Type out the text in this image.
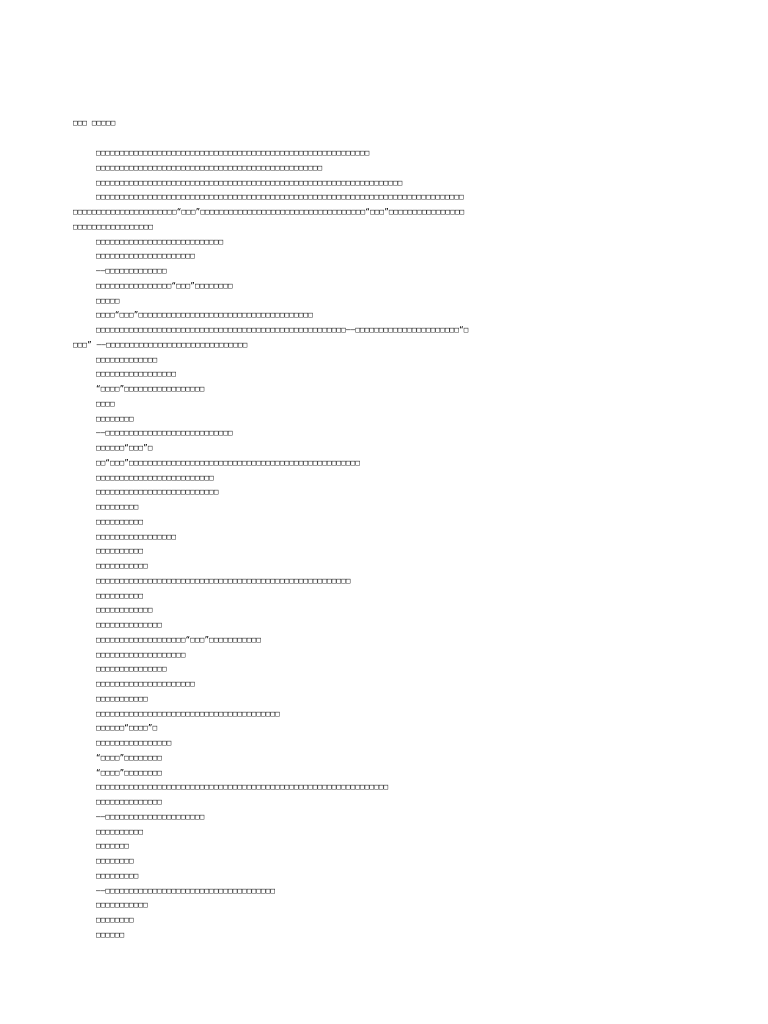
□□□ □□□□□
□□□□□□□□□□□□□□□□□□□□□□□□□□□□□□□□□□□□□□□□□□□□□□□□□□□□□□□□□□
□□□□□□□□□□□□□□□□□□□□□□□□□□□□□□□□□□□□□□□□□□□□□□□□
□□□□□□□□□□□□□□□□□□□□□□□□□□□□□□□□□□□□□□□□□□□□□□□□□□□□□□□□□□□□□□□□□
□□□□□□□□□□□□□□□□□□□□□□□□□□□□□□□□□□□□□□□□□□□□□□□□□□□□□□□□□□□□□□□□□□□□□□□□□□□□□□
□□□□□□□□□□□□□□□□□□□□□□“□□□”□□□□□□□□□□□□□□□□□□□□□□□□□□□□□□□□□□□“□□□”□□□□□□□□□□□□□□□□
□□□□□□□□□□□□□□□□□
□□□□□□□□□□□□□□□□□□□□□□□□□□□
□□□□□□□□□□□□□□□□□□□□□
——□□□□□□□□□□□□□
□□□□□□□□□□□□□□□□“□□□”□□□□□□□□
□□□□□
□□□□“□□□”□□□□□□□□□□□□□□□□□□□□□□□□□□□□□□□□□□□□□
□□□□□□□□□□□□□□□□□□□□□□□□□□□□□□□□□□□□□□□□□□□□□□□□□□□□□——□□□□□□□□□□□□□□□□□□□□□□“□
□□□” ——□□□□□□□□□□□□□□□□□□□□□□□□□□□□□□
□□□□□□□□□□□□□
□□□□□□□□□□□□□□□□□
“□□□□”□□□□□□□□□□□□□□□□□
□□□□
□□□□□□□□
——□□□□□□□□□□□□□□□□□□□□□□□□□□□
□□□□□□“□□□”□
□□“□□□”□□□□□□□□□□□□□□□□□□□□□□□□□□□□□□□□□□□□□□□□□□□□□□□□□
□□□□□□□□□□□□□□□□□□□□□□□□□
□□□□□□□□□□□□□□□□□□□□□□□□□□
□□□□□□□□□
□□□□□□□□□□
□□□□□□□□□□□□□□□□□
□□□□□□□□□□
□□□□□□□□□□□
□□□□□□□□□□□□□□□□□□□□□□□□□□□□□□□□□□□□□□□□□□□□□□□□□□□□□□
□□□□□□□□□□
□□□□□□□□□□□□
□□□□□□□□□□□□□□
□□□□□□□□□□□□□□□□□□□“□□□”□□□□□□□□□□□
□□□□□□□□□□□□□□□□□□□
□□□□□□□□□□□□□□□
□□□□□□□□□□□□□□□□□□□□□
□□□□□□□□□□□
□□□□□□□□□□□□□□□□□□□□□□□□□□□□□□□□□□□□□□□
□□□□□□“□□□□”□
□□□□□□□□□□□□□□□□
“□□□□”□□□□□□□□
“□□□□”□□□□□□□□
□□□□□□□□□□□□□□□□□□□□□□□□□□□□□□□□□□□□□□□□□□□□□□□□□□□□□□□□□□□□□□
□□□□□□□□□□□□□□
——□□□□□□□□□□□□□□□□□□□□□
□□□□□□□□□□
□□□□□□□
□□□□□□□□
□□□□□□□□□
——□□□□□□□□□□□□□□□□□□□□□□□□□□□□□□□□□□□□
□□□□□□□□□□□
□□□□□□□□
□□□□□□
